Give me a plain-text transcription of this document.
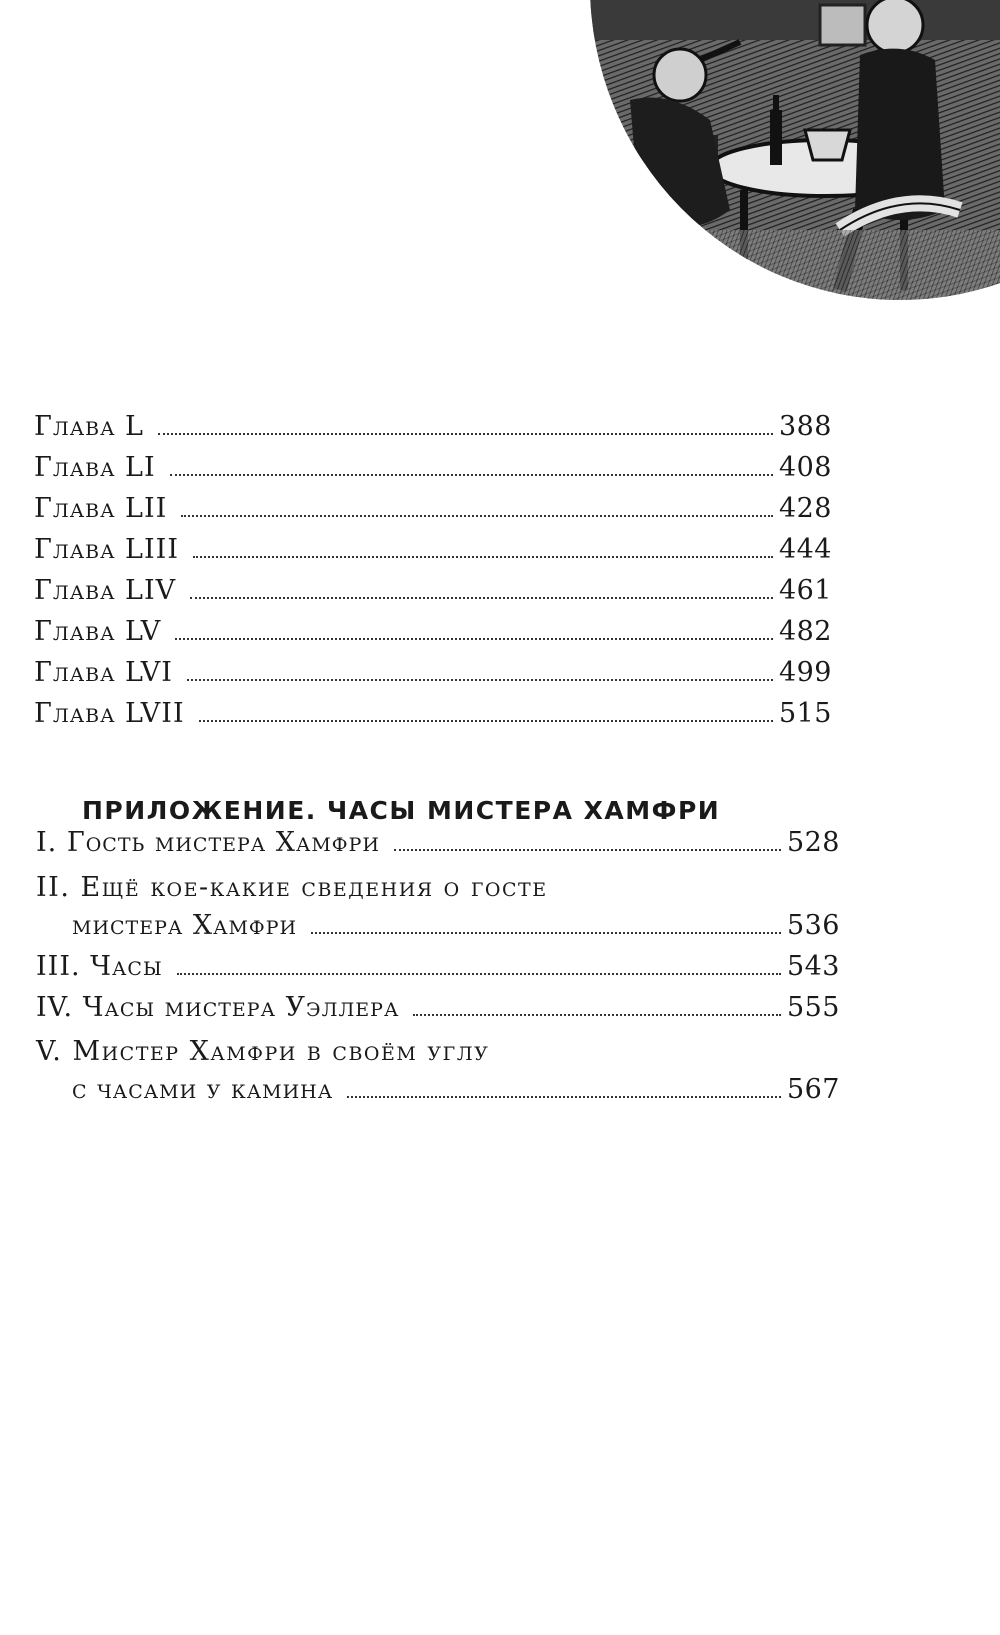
Глава L	388
Глава LI	408
Глава LII	428
Глава LIII	444
Глава LIV	461
Глава LV	482
Глава LVI	499
Глава LVII	515
ПРИЛОЖЕНИЕ. ЧАСЫ МИСТЕРА ХАМФРИ
I. Гость мистера Хамфри	528
II. Ещё кое-какие сведения о госте
мистера Хамфри	536
III. Часы	543
IV. Часы мистера Уэллера	555
V. Мистер Хамфри в своём углу
с часами у камина	567
